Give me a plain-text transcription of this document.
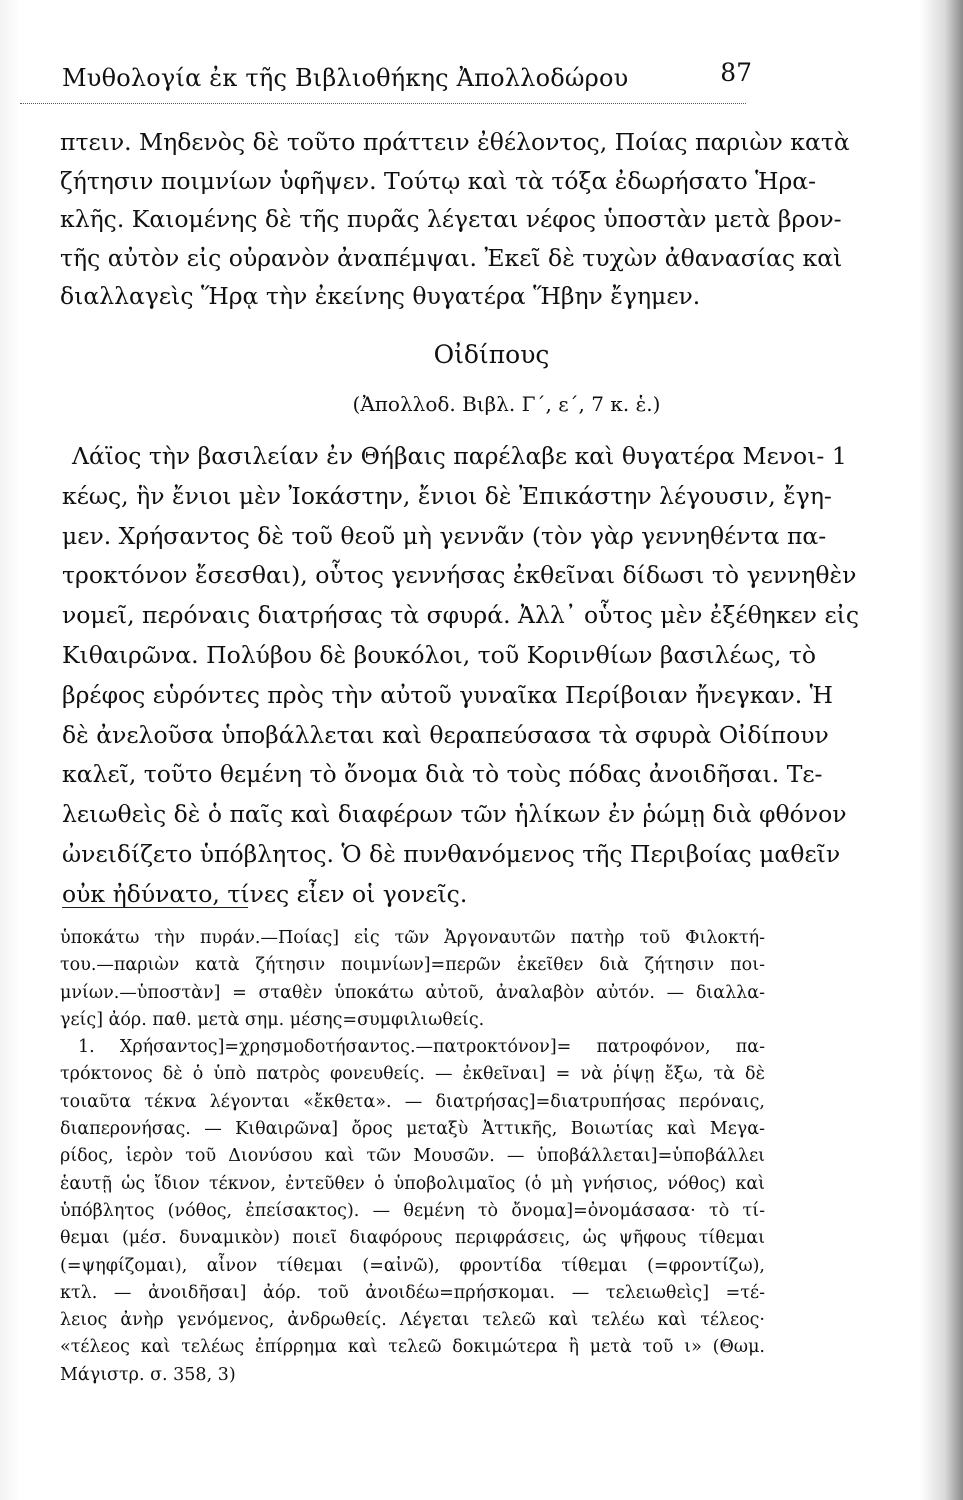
Μυθολογία ἐκ τῆς Βιβλιοθήκης Ἀπολλοδώρου	87
πτειν. Μηδενὸς δὲ τοῦτο πράττειν ἐθέλοντος, Ποίας παριὼν κατὰ
ζήτησιν ποιμνίων ὑφῆψεν. Τούτῳ καὶ τὰ τόξα ἐδωρήσατο Ἡρα-
κλῆς. Καιομένης δὲ τῆς πυρᾶς λέγεται νέφος ὑποστὰν μετὰ βρον-
τῆς αὐτὸν εἰς οὐρανὸν ἀναπέμψαι. Ἐκεῖ δὲ τυχὼν ἀθανασίας καὶ
διαλλαγεὶς Ἥρᾳ τὴν ἐκείνης θυγατέρα Ἥβην ἔγημεν.
Οἰδίπους
(Ἀπολλοδ. Βιβλ. Γ΄, ε΄, 7 κ. ἑ.)
Λάϊος τὴν βασιλείαν ἐν Θήβαις παρέλαβε καὶ θυγατέρα Μενοι- 1
κέως, ἣν ἔνιοι μὲν Ἰοκάστην, ἔνιοι δὲ Ἐπικάστην λέγουσιν, ἔγη-
μεν. Χρήσαντος δὲ τοῦ θεοῦ μὴ γεννᾶν (τὸν γὰρ γεννηθέντα πα-
τροκτόνον ἔσεσθαι), οὗτος γεννήσας ἐκθεῖναι δίδωσι τὸ γεννηθὲν
νομεῖ, περόναις διατρήσας τὰ σφυρά. Ἀλλ᾽ οὗτος μὲν ἐξέθηκεν εἰς
Κιθαιρῶνα. Πολύβου δὲ βουκόλοι, τοῦ Κορινθίων βασιλέως, τὸ
βρέφος εὑρόντες πρὸς τὴν αὐτοῦ γυναῖκα Περίβοιαν ἤνεγκαν. Ἡ
δὲ ἀνελοῦσα ὑποβάλλεται καὶ θεραπεύσασα τὰ σφυρὰ Οἰδίπουν
καλεῖ, τοῦτο θεμένη τὸ ὄνομα διὰ τὸ τοὺς πόδας ἀνοιδῆσαι. Τε-
λειωθεὶς δὲ ὁ παῖς καὶ διαφέρων τῶν ἡλίκων ἐν ῥώμῃ διὰ φθόνον
ὠνειδίζετο ὑπόβλητος. Ὁ δὲ πυνθανόμενος τῆς Περιβοίας μαθεῖν
οὐκ ἠδύνατο, τίνες εἶεν οἱ γονεῖς.
ὑποκάτω τὴν πυράν.—Ποίας] εἰς τῶν Ἀργοναυτῶν πατὴρ τοῦ Φιλοκτή-
του.—παριὼν κατὰ ζήτησιν ποιμνίων]=περῶν ἐκεῖθεν διὰ ζήτησιν ποι-
μνίων.—ὑποστὰν] = σταθὲν ὑποκάτω αὐτοῦ, ἀναλαβὸν αὐτόν. — διαλλα-
γείς] ἀόρ. παθ. μετὰ σημ. μέσης=συμφιλιωθείς.
1. Χρήσαντος]=χρησμοδοτήσαντος.—πατροκτόνον]= πατροφόνον, πα-
τρόκτονος δὲ ὁ ὑπὸ πατρὸς φονευθείς. — ἐκθεῖναι] = νὰ ῥίψῃ ἔξω, τὰ δὲ
τοιαῦτα τέκνα λέγονται «ἔκθετα». — διατρήσας]=διατρυπήσας περόναις,
διαπερονήσας. — Κιθαιρῶνα] ὄρος μεταξὺ Ἀττικῆς, Βοιωτίας καὶ Μεγα-
ρίδος, ἱερὸν τοῦ Διονύσου καὶ τῶν Μουσῶν. — ὑποβάλλεται]=ὑποβάλλει
ἑαυτῇ ὡς ἴδιον τέκνον, ἐντεῦθεν ὁ ὑποβολιμαῖος (ὁ μὴ γνήσιος, νόθος) καὶ
ὑπόβλητος (νόθος, ἐπείσακτος). — θεμένη τὸ ὄνομα]=ὀνομάσασα· τὸ τί-
θεμαι (μέσ. δυναμικὸν) ποιεῖ διαφόρους περιφράσεις, ὡς ψῆφους τίθεμαι
(=ψηφίζομαι), αἶνον τίθεμαι (=αἰνῶ), φροντίδα τίθεμαι (=φροντίζω),
κτλ. — ἀνοιδῆσαι] ἀόρ. τοῦ ἀνοιδέω=πρήσκομαι. — τελειωθεὶς] =τέ-
λειος ἀνὴρ γενόμενος, ἀνδρωθείς. Λέγεται τελεῶ καὶ τελέω καὶ τέλεος·
«τέλεος καὶ τελέως ἐπίρρημα καὶ τελεῶ δοκιμώτερα ἢ μετὰ τοῦ ι» (Θωμ.
Μάγιστρ. σ. 358, 3)
